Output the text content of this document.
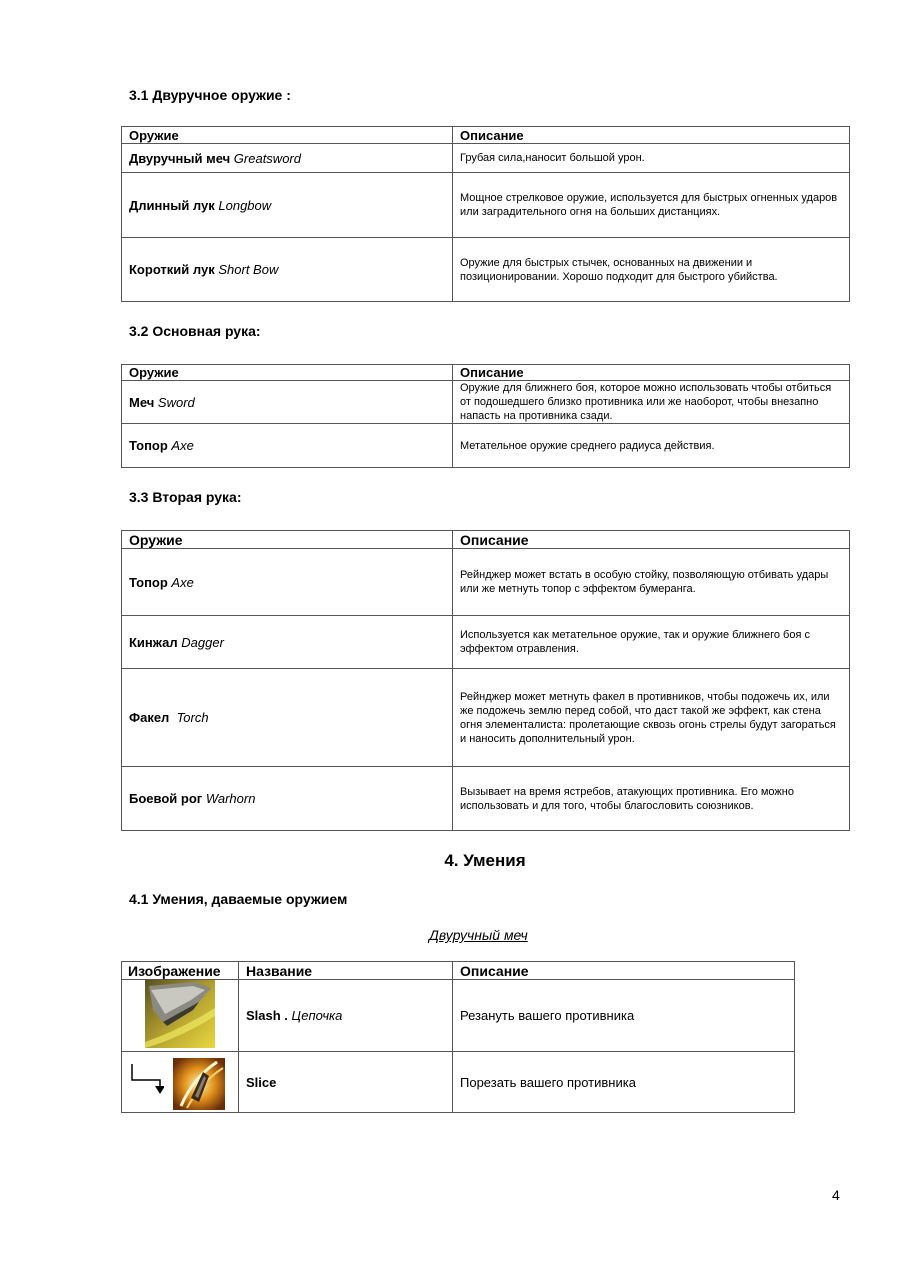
3.1 Двуручное оружие :
Оружие	Описание
Двуручный меч Greatsword	Грубая сила,наносит большой урон.
Длинный лук Longbow	Мощное стрелковое оружие, используется для быстрых огненных ударов или заградительного огня на больших дистанциях.
Короткий лук Short Bow	Оружие для быстрых стычек, основанных на движении и позиционировании. Хорошо подходит для быстрого убийства.
3.2 Основная рука:
Оружие	Описание
Меч Sword	Оружие для ближнего боя, которое можно использовать чтобы отбиться от подошедшего близко противника или же наоборот, чтобы внезапно напасть на противника сзади.
Топор Axe	Метательное оружие среднего радиуса действия.
3.3 Вторая рука:
Оружие	Описание
Топор Axe	Рейнджер может встать в особую стойку, позволяющую отбивать удары или же метнуть топор с эффектом бумеранга.
Кинжал Dagger	Используется как метательное оружие, так и оружие ближнего боя с эффектом отравления.
Факел Torch	Рейнджер может метнуть факел в противников, чтобы подожечь их, или же подожечь землю перед собой, что даст такой же эффект, как стена огня элементалиста: пролетающие сквозь огонь стрелы будут загораться и наносить дополнительный урон.
Боевой рог Warhorn	Вызывает на время ястребов, атакующих противника. Его можно использовать и для того, чтобы благословить союзников.
4. Умения
4.1 Умения, даваемые оружием
Двуручный меч
Изображение	Название	Описание
	Slash . Цепочка	Резануть вашего противника

	Slice	Порезать вашего противника
4
